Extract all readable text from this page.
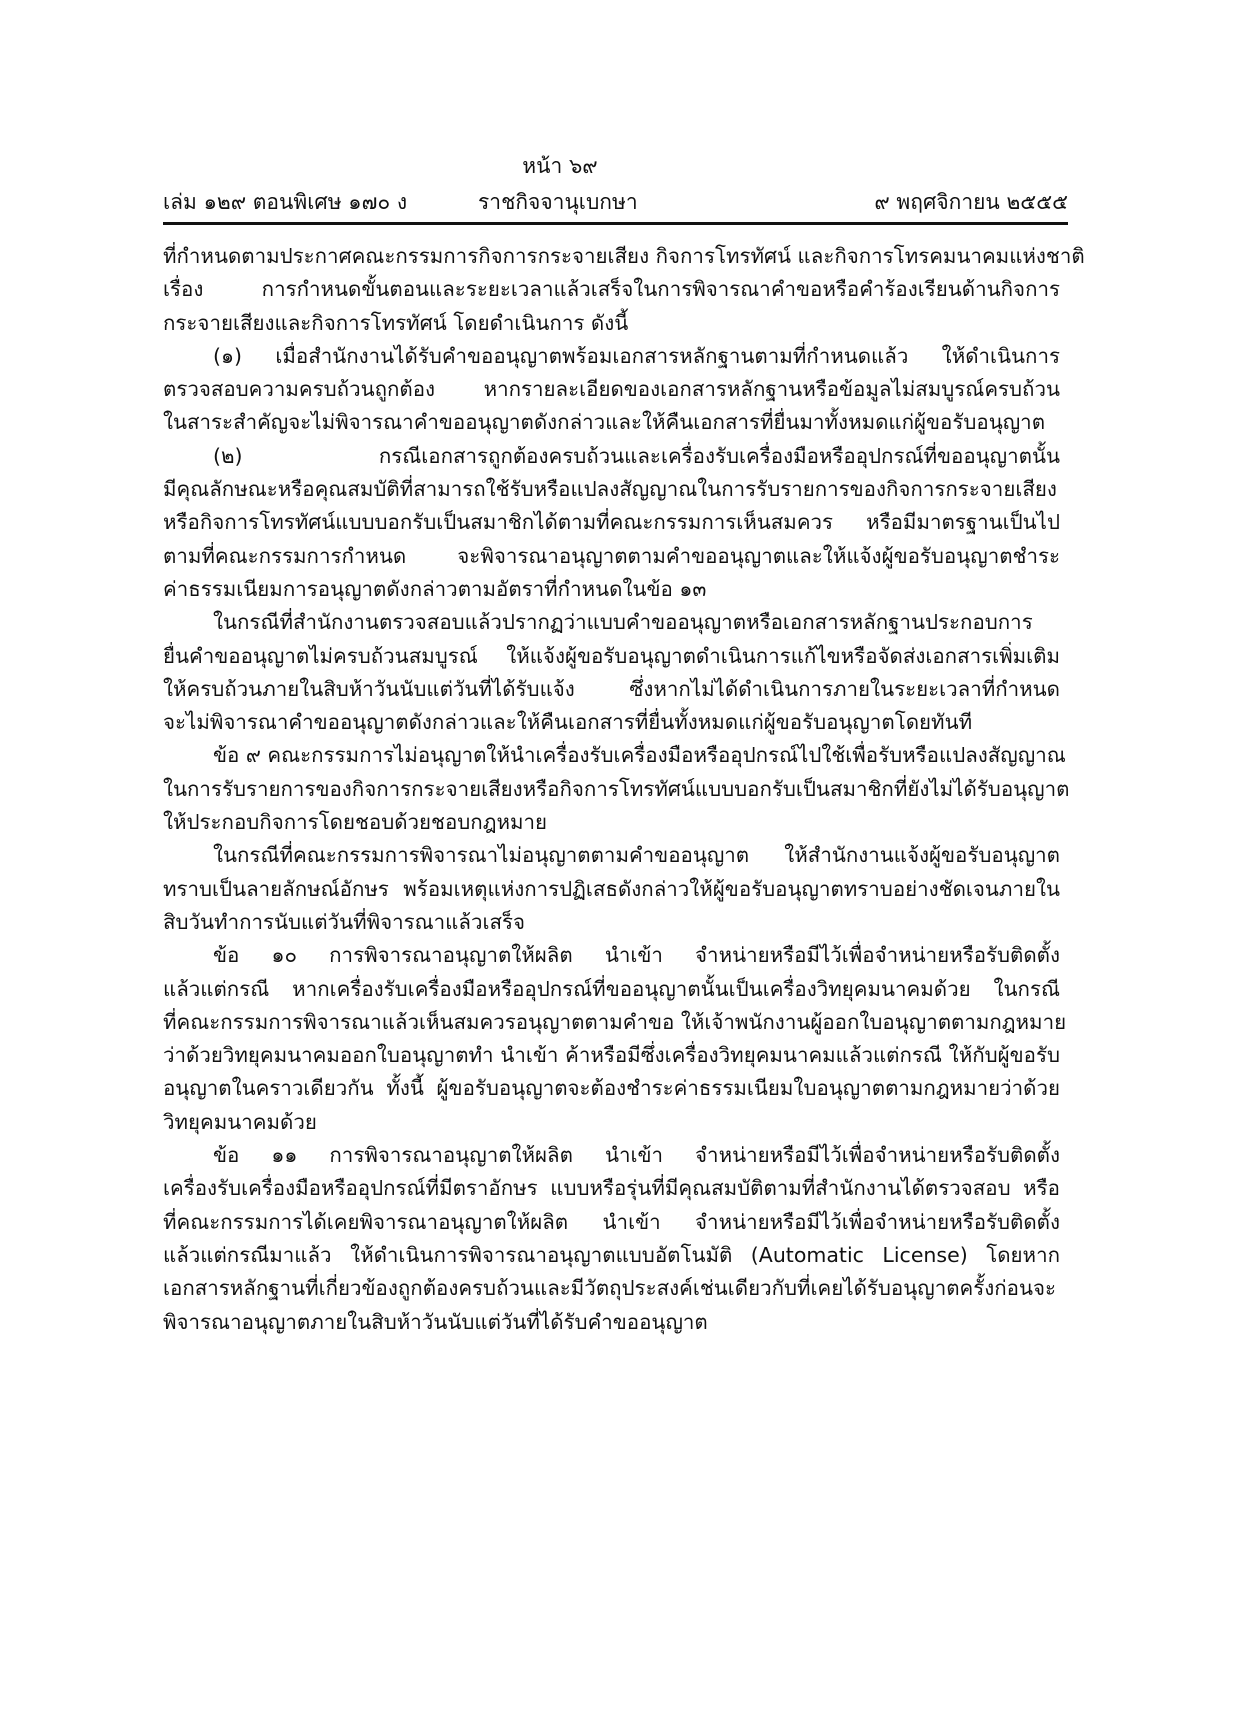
หน้า ๖๙
เล่ม ๑๒๙ ตอนพิเศษ ๑๗๐ ง	ราชกิจจานุเบกษา	๙ พฤศจิกายน ๒๕๕๕
ที่กำหนดตามประกาศคณะกรรมการกิจการกระจายเสียง กิจการโทรทัศน์ และกิจการโทรคมนาคมแห่งชาติ
เรื่อง การกำหนดขั้นตอนและระยะเวลาแล้วเสร็จในการพิจารณาคำขอหรือคำร้องเรียนด้านกิจการ
กระจายเสียงและกิจการโทรทัศน์ โดยดำเนินการ ดังนี้
(๑) เมื่อสำนักงานได้รับคำขออนุญาตพร้อมเอกสารหลักฐานตามที่กำหนดแล้ว ให้ดำเนินการ
ตรวจสอบความครบถ้วนถูกต้อง หากรายละเอียดของเอกสารหลักฐานหรือข้อมูลไม่สมบูรณ์ครบถ้วน
ในสาระสำคัญจะไม่พิจารณาคำขออนุญาตดังกล่าวและให้คืนเอกสารที่ยื่นมาทั้งหมดแก่ผู้ขอรับอนุญาต
(๒) กรณีเอกสารถูกต้องครบถ้วนและเครื่องรับเครื่องมือหรืออุปกรณ์ที่ขออนุญาตนั้น
มีคุณลักษณะหรือคุณสมบัติที่สามารถใช้รับหรือแปลงสัญญาณในการรับรายการของกิจการกระจายเสียง
หรือกิจการโทรทัศน์แบบบอกรับเป็นสมาชิกได้ตามที่คณะกรรมการเห็นสมควร หรือมีมาตรฐานเป็นไป
ตามที่คณะกรรมการกำหนด จะพิจารณาอนุญาตตามคำขออนุญาตและให้แจ้งผู้ขอรับอนุญาตชำระ
ค่าธรรมเนียมการอนุญาตดังกล่าวตามอัตราที่กำหนดในข้อ ๑๓
ในกรณีที่สำนักงานตรวจสอบแล้วปรากฏว่าแบบคำขออนุญาตหรือเอกสารหลักฐานประกอบการ
ยื่นคำขออนุญาตไม่ครบถ้วนสมบูรณ์ ให้แจ้งผู้ขอรับอนุญาตดำเนินการแก้ไขหรือจัดส่งเอกสารเพิ่มเติม
ให้ครบถ้วนภายในสิบห้าวันนับแต่วันที่ได้รับแจ้ง ซึ่งหากไม่ได้ดำเนินการภายในระยะเวลาที่กำหนด
จะไม่พิจารณาคำขออนุญาตดังกล่าวและให้คืนเอกสารที่ยื่นทั้งหมดแก่ผู้ขอรับอนุญาตโดยทันที
ข้อ ๙ คณะกรรมการไม่อนุญาตให้นำเครื่องรับเครื่องมือหรืออุปกรณ์ไปใช้เพื่อรับหรือแปลงสัญญาณ
ในการรับรายการของกิจการกระจายเสียงหรือกิจการโทรทัศน์แบบบอกรับเป็นสมาชิกที่ยังไม่ได้รับอนุญาต
ให้ประกอบกิจการโดยชอบด้วยชอบกฎหมาย
ในกรณีที่คณะกรรมการพิจารณาไม่อนุญาตตามคำขออนุญาต ให้สำนักงานแจ้งผู้ขอรับอนุญาต
ทราบเป็นลายลักษณ์อักษร พร้อมเหตุแห่งการปฏิเสธดังกล่าวให้ผู้ขอรับอนุญาตทราบอย่างชัดเจนภายใน
สิบวันทำการนับแต่วันที่พิจารณาแล้วเสร็จ
ข้อ ๑๐ การพิจารณาอนุญาตให้ผลิต นำเข้า จำหน่ายหรือมีไว้เพื่อจำหน่ายหรือรับติดตั้ง
แล้วแต่กรณี หากเครื่องรับเครื่องมือหรืออุปกรณ์ที่ขออนุญาตนั้นเป็นเครื่องวิทยุคมนาคมด้วย ในกรณี
ที่คณะกรรมการพิจารณาแล้วเห็นสมควรอนุญาตตามคำขอ ให้เจ้าพนักงานผู้ออกใบอนุญาตตามกฎหมาย
ว่าด้วยวิทยุคมนาคมออกใบอนุญาตทำ นำเข้า ค้าหรือมีซึ่งเครื่องวิทยุคมนาคมแล้วแต่กรณี ให้กับผู้ขอรับ
อนุญาตในคราวเดียวกัน ทั้งนี้ ผู้ขอรับอนุญาตจะต้องชำระค่าธรรมเนียมใบอนุญาตตามกฎหมายว่าด้วย
วิทยุคมนาคมด้วย
ข้อ ๑๑ การพิจารณาอนุญาตให้ผลิต นำเข้า จำหน่ายหรือมีไว้เพื่อจำหน่ายหรือรับติดตั้ง
เครื่องรับเครื่องมือหรืออุปกรณ์ที่มีตราอักษร แบบหรือรุ่นที่มีคุณสมบัติตามที่สำนักงานได้ตรวจสอบ หรือ
ที่คณะกรรมการได้เคยพิจารณาอนุญาตให้ผลิต นำเข้า จำหน่ายหรือมีไว้เพื่อจำหน่ายหรือรับติดตั้ง
แล้วแต่กรณีมาแล้ว ให้ดำเนินการพิจารณาอนุญาตแบบอัตโนมัติ (Automatic License) โดยหาก
เอกสารหลักฐานที่เกี่ยวข้องถูกต้องครบถ้วนและมีวัตถุประสงค์เช่นเดียวกับที่เคยได้รับอนุญาตครั้งก่อนจะ
พิจารณาอนุญาตภายในสิบห้าวันนับแต่วันที่ได้รับคำขออนุญาต
